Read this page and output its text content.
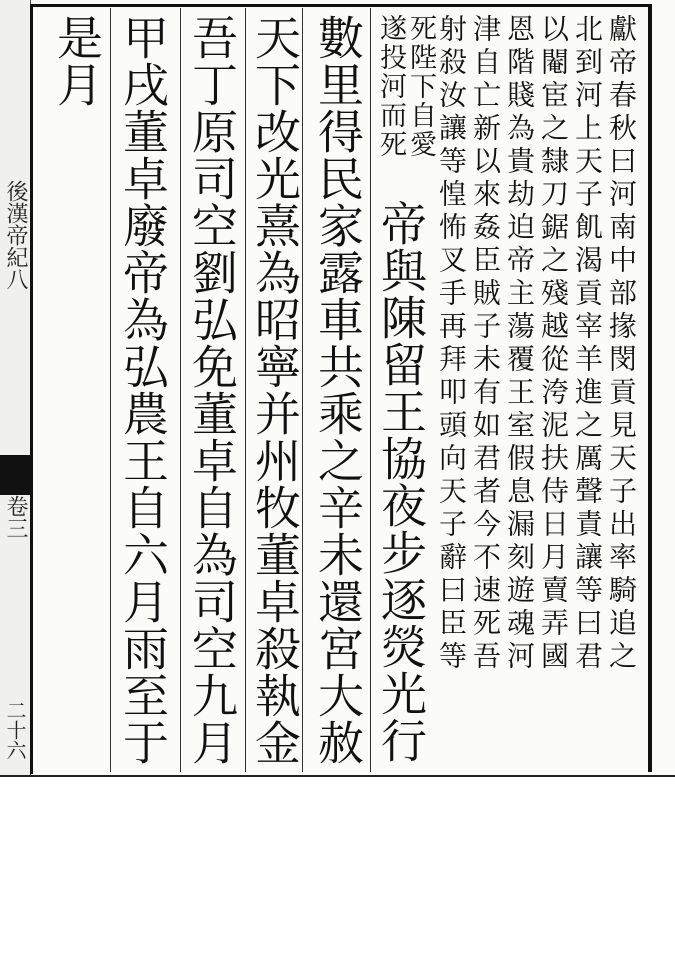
後漢帝紀八
卷三
二十六
獻帝春秋曰河南中部掾閔貢見天子出率騎追之
北到河上天子飢渴貢宰羊進之厲聲責讓等曰君
以閹宦之隸刀鋸之殘越從洿泥扶侍日月賣弄國
恩階賤為貴劫迫帝主蕩覆王室假息漏刻遊魂河
津自亡新以來姦臣賊子未有如君者今不速死吾
射殺汝讓等惶怖叉手再拜叩頭向天子辭曰臣等
死陛下自愛
遂投河而死
帝與陳留王協夜步逐熒光行
數里得民家露車共乘之辛未還宮大赦
天下改光熹為昭寧并州牧董卓殺執金
吾丁原司空劉弘免董卓自為司空九月
甲戌董卓廢帝為弘農王自六月雨至于
是月
